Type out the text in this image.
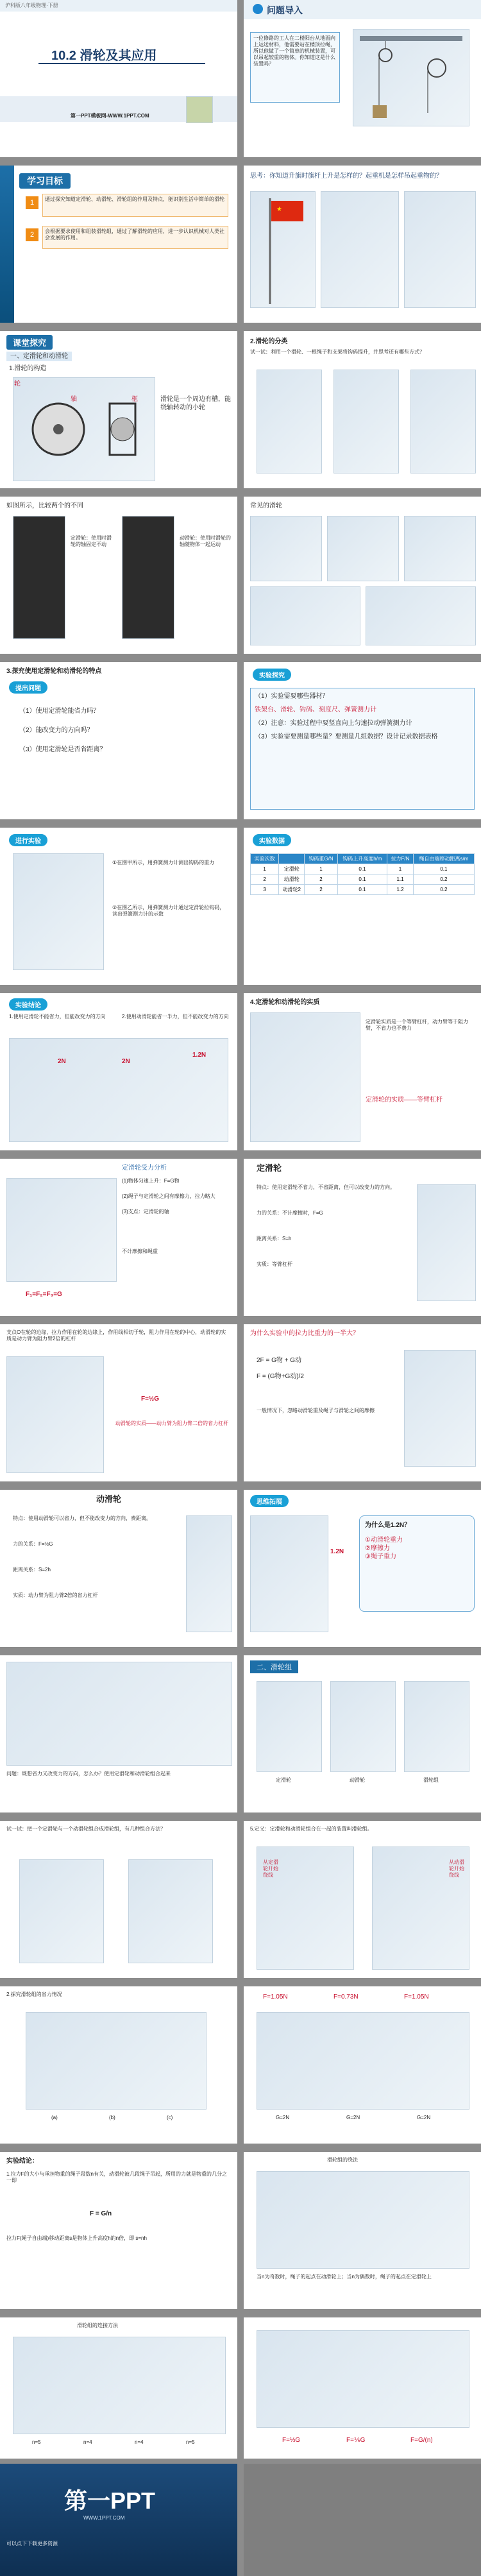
沪科版八年级物理·下册
10.2 滑轮及其应用
第一PPT模板网-WWW.1PPT.COM
问题导入
一位修路的工人在二楼阳台从地面向上运送材料，他需要站在楼顶拉绳，所以他做了一个简单的机械装置，可以吊起较重的物体。你知道这是什么装置吗？
学习目标
1	通过探究知道定滑轮、动滑轮、滑轮组的作用及特点，能识别生活中简单的滑轮
2	会根据要求使用和组装滑轮组，通过了解滑轮的应用，进一步认识机械对人类社会发展的作用。
思考：你知道升旗时旗杆上升是怎样的？起重机是怎样吊起重物的？
★
课堂探究
一、定滑轮和动滑轮
1.滑轮的构造
轮
轴	框	滑轮是一个周边有槽，能绕轴转动的小轮
2.滑轮的分类
试一试：利用一个滑轮、一根绳子和支架将钩码提升，并思考还有哪些方式？
如图所示，比较两个的不同
定滑轮：使用时滑轮的轴固定不动
动滑轮：使用时滑轮的轴随物体一起运动
常见的滑轮
3.探究使用定滑轮和动滑轮的特点
提出问题
（1）使用定滑轮能省力吗？
（2）能改变力的方向吗？
（3）使用定滑轮是否省距离？
实验探究
（1）实验需要哪些器材？
铁架台、滑轮、钩码、刻度尺、弹簧测力计
（2）注意：实验过程中要竖直向上匀速拉动弹簧测力计
（3）实验需要测量哪些量？要测量几组数据？设计记录数据表格
进行实验
①在图甲所示，用弹簧测力计测出钩码的重力
②在图乙所示，用弹簧测力计通过定滑轮拉钩码，读出弹簧测力计的示数
实验数据
实验次数		钩码重G/N	钩码上升高度h/m	拉力F/N	绳自由端移动距离s/m
1	定滑轮	1	0.1	1	0.1
2	动滑轮	2	0.1	1.1	0.2
3	动滑轮2	2	0.1	1.2	0.2
实验结论
1.使用定滑轮不能省力，但能改变力的方向	2.使用动滑轮能省一半力，但不能改变力的方向
2N	2N
1.2N
4.定滑轮和动滑轮的实质
定滑轮实质是一个等臂杠杆，动力臂等于阻力臂，不省力也不费力
定滑轮的实质——等臂杠杆
定滑轮受力分析
(1)物体匀速上升：F=G物
(2)绳子与定滑轮之间有摩擦力，拉力略大
(3)支点：定滑轮的轴
不计摩擦和绳重
F₁=F₂=F₃=G
定滑轮
特点：使用定滑轮不省力，不省距离，但可以改变力的方向。
力的关系：不计摩擦时，F=G
距离关系：S=h
实质：等臂杠杆
支点O在轮的边缘，拉力作用在轮的边缘上，作用线相切于轮，阻力作用在轮的中心，动滑轮的实质是动力臂为阻力臂2倍的杠杆
F=½G
动滑轮的实质——动力臂为阻力臂二倍的省力杠杆
为什么实验中的拉力比重力的一半大？
2F = G物 + G动
F = (G物+G动)/2
一般情况下，忽略动滑轮重及绳子与滑轮之间的摩擦
动滑轮
特点：使用动滑轮可以省力，但不能改变力的方向，费距离。
力的关系：F=½G
距离关系：S=2h
实质：动力臂为阻力臂2倍的省力杠杆
思维拓展
1.2N
为什么是1.2N？
①动滑轮重力
②摩擦力
③绳子重力
问题：既想省力又改变力的方向，怎么办？使用定滑轮和动滑轮组合起来
二、滑轮组
定滑轮	动滑轮	滑轮组
试一试：把一个定滑轮与一个动滑轮组合成滑轮组，有几种组合方法？	5.定义：定滑轮和动滑轮组合在一起的装置叫滑轮组。
从定滑轮开始绕线
从动滑轮开始绕线
2.探究滑轮组的省力情况
(a)	(b)	(c)
F=1.05N	F=0.73N	F=1.05N
G=2N	G=2N	G=2N
实验结论：
1.拉力F的大小与承担物重的绳子段数n有关，动滑轮被几段绳子吊起，所用的力就是物重的几分之一即
F = G/n
拉力F(绳子自由端)移动距离s是物体上升高度h的n倍，即 s=nh
滑轮组的绕法
当n为奇数时，绳子的起点在动滑轮上；当n为偶数时，绳子的起点在定滑轮上
滑轮组的连接方法
n=5	n=4	n=4	n=5	F=⅓G	F=⅙G	F=G/(n)
第一PPT
WWW.1PPT.COM
可以点下下载更多资源
